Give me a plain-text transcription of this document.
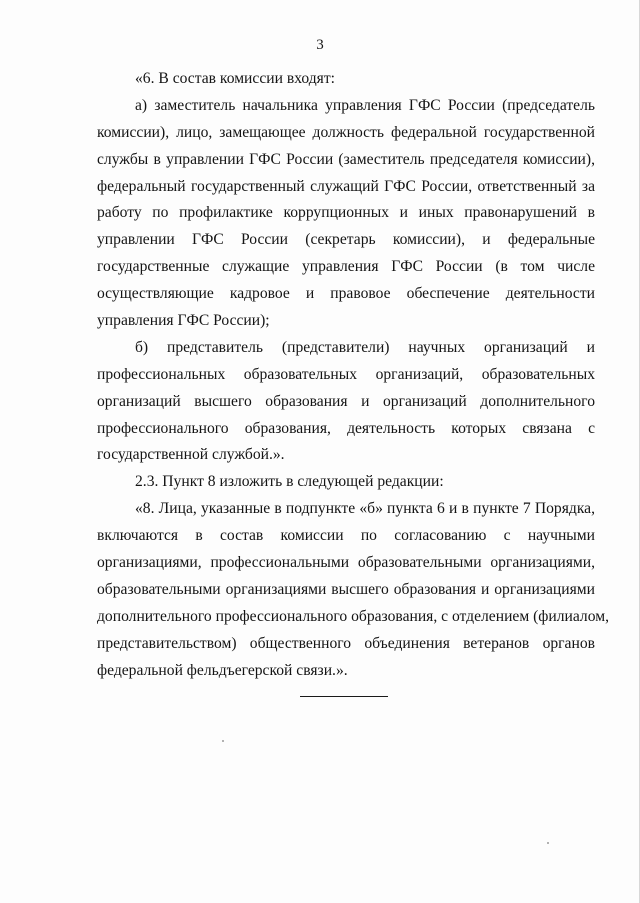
3
«6. В состав комиссии входят:
а) заместитель начальника управления ГФС России (председатель
комиссии), лицо, замещающее должность федеральной государственной
службы в управлении ГФС России (заместитель председателя комиссии),
федеральный государственный служащий ГФС России, ответственный за
работу по профилактике коррупционных и иных правонарушений в
управлении ГФС России (секретарь комиссии), и федеральные
государственные служащие управления ГФС России (в том числе
осуществляющие кадровое и правовое обеспечение деятельности
управления ГФС России);
б) представитель (представители) научных организаций и
профессиональных образовательных организаций, образовательных
организаций высшего образования и организаций дополнительного
профессионального образования, деятельность которых связана с
государственной службой.».
2.3. Пункт 8 изложить в следующей редакции:
«8. Лица, указанные в подпункте «б» пункта 6 и в пункте 7 Порядка,
включаются в состав комиссии по согласованию с научными
организациями, профессиональными образовательными организациями,
образовательными организациями высшего образования и организациями
дополнительного профессионального образования, с отделением (филиалом,
представительством) общественного объединения ветеранов органов
федеральной фельдъегерской связи.».
